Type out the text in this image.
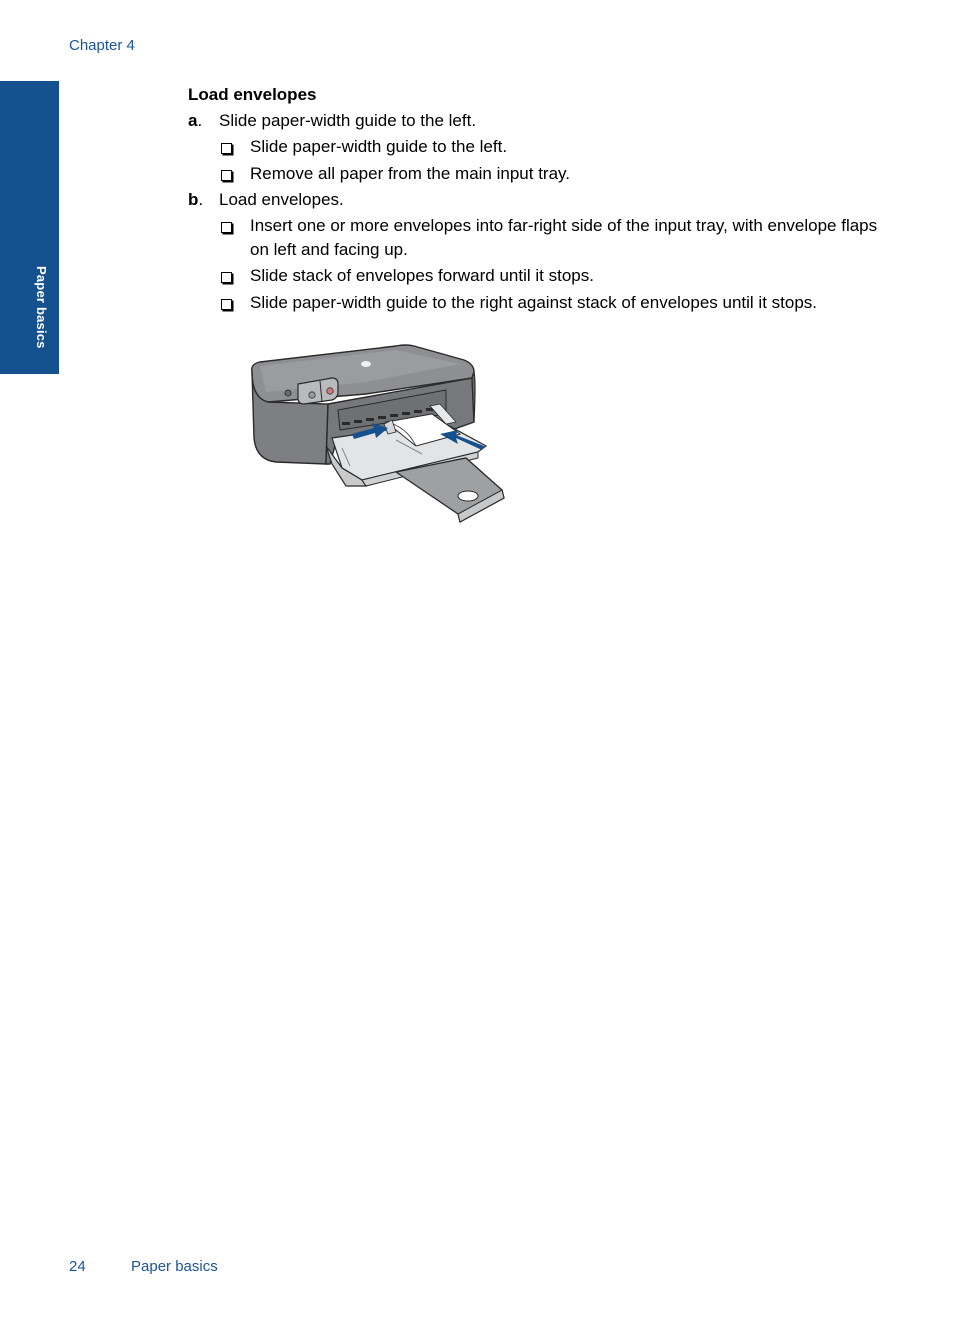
Chapter 4
Paper basics
Load envelopes
a. Slide paper-width guide to the left.
Slide paper-width guide to the left.
Remove all paper from the main input tray.
b. Load envelopes.
Insert one or more envelopes into far-right side of the input tray, with envelope flaps on left and facing up.
Slide stack of envelopes forward until it stops.
Slide paper-width guide to the right against stack of envelopes until it stops.
24	Paper basics
